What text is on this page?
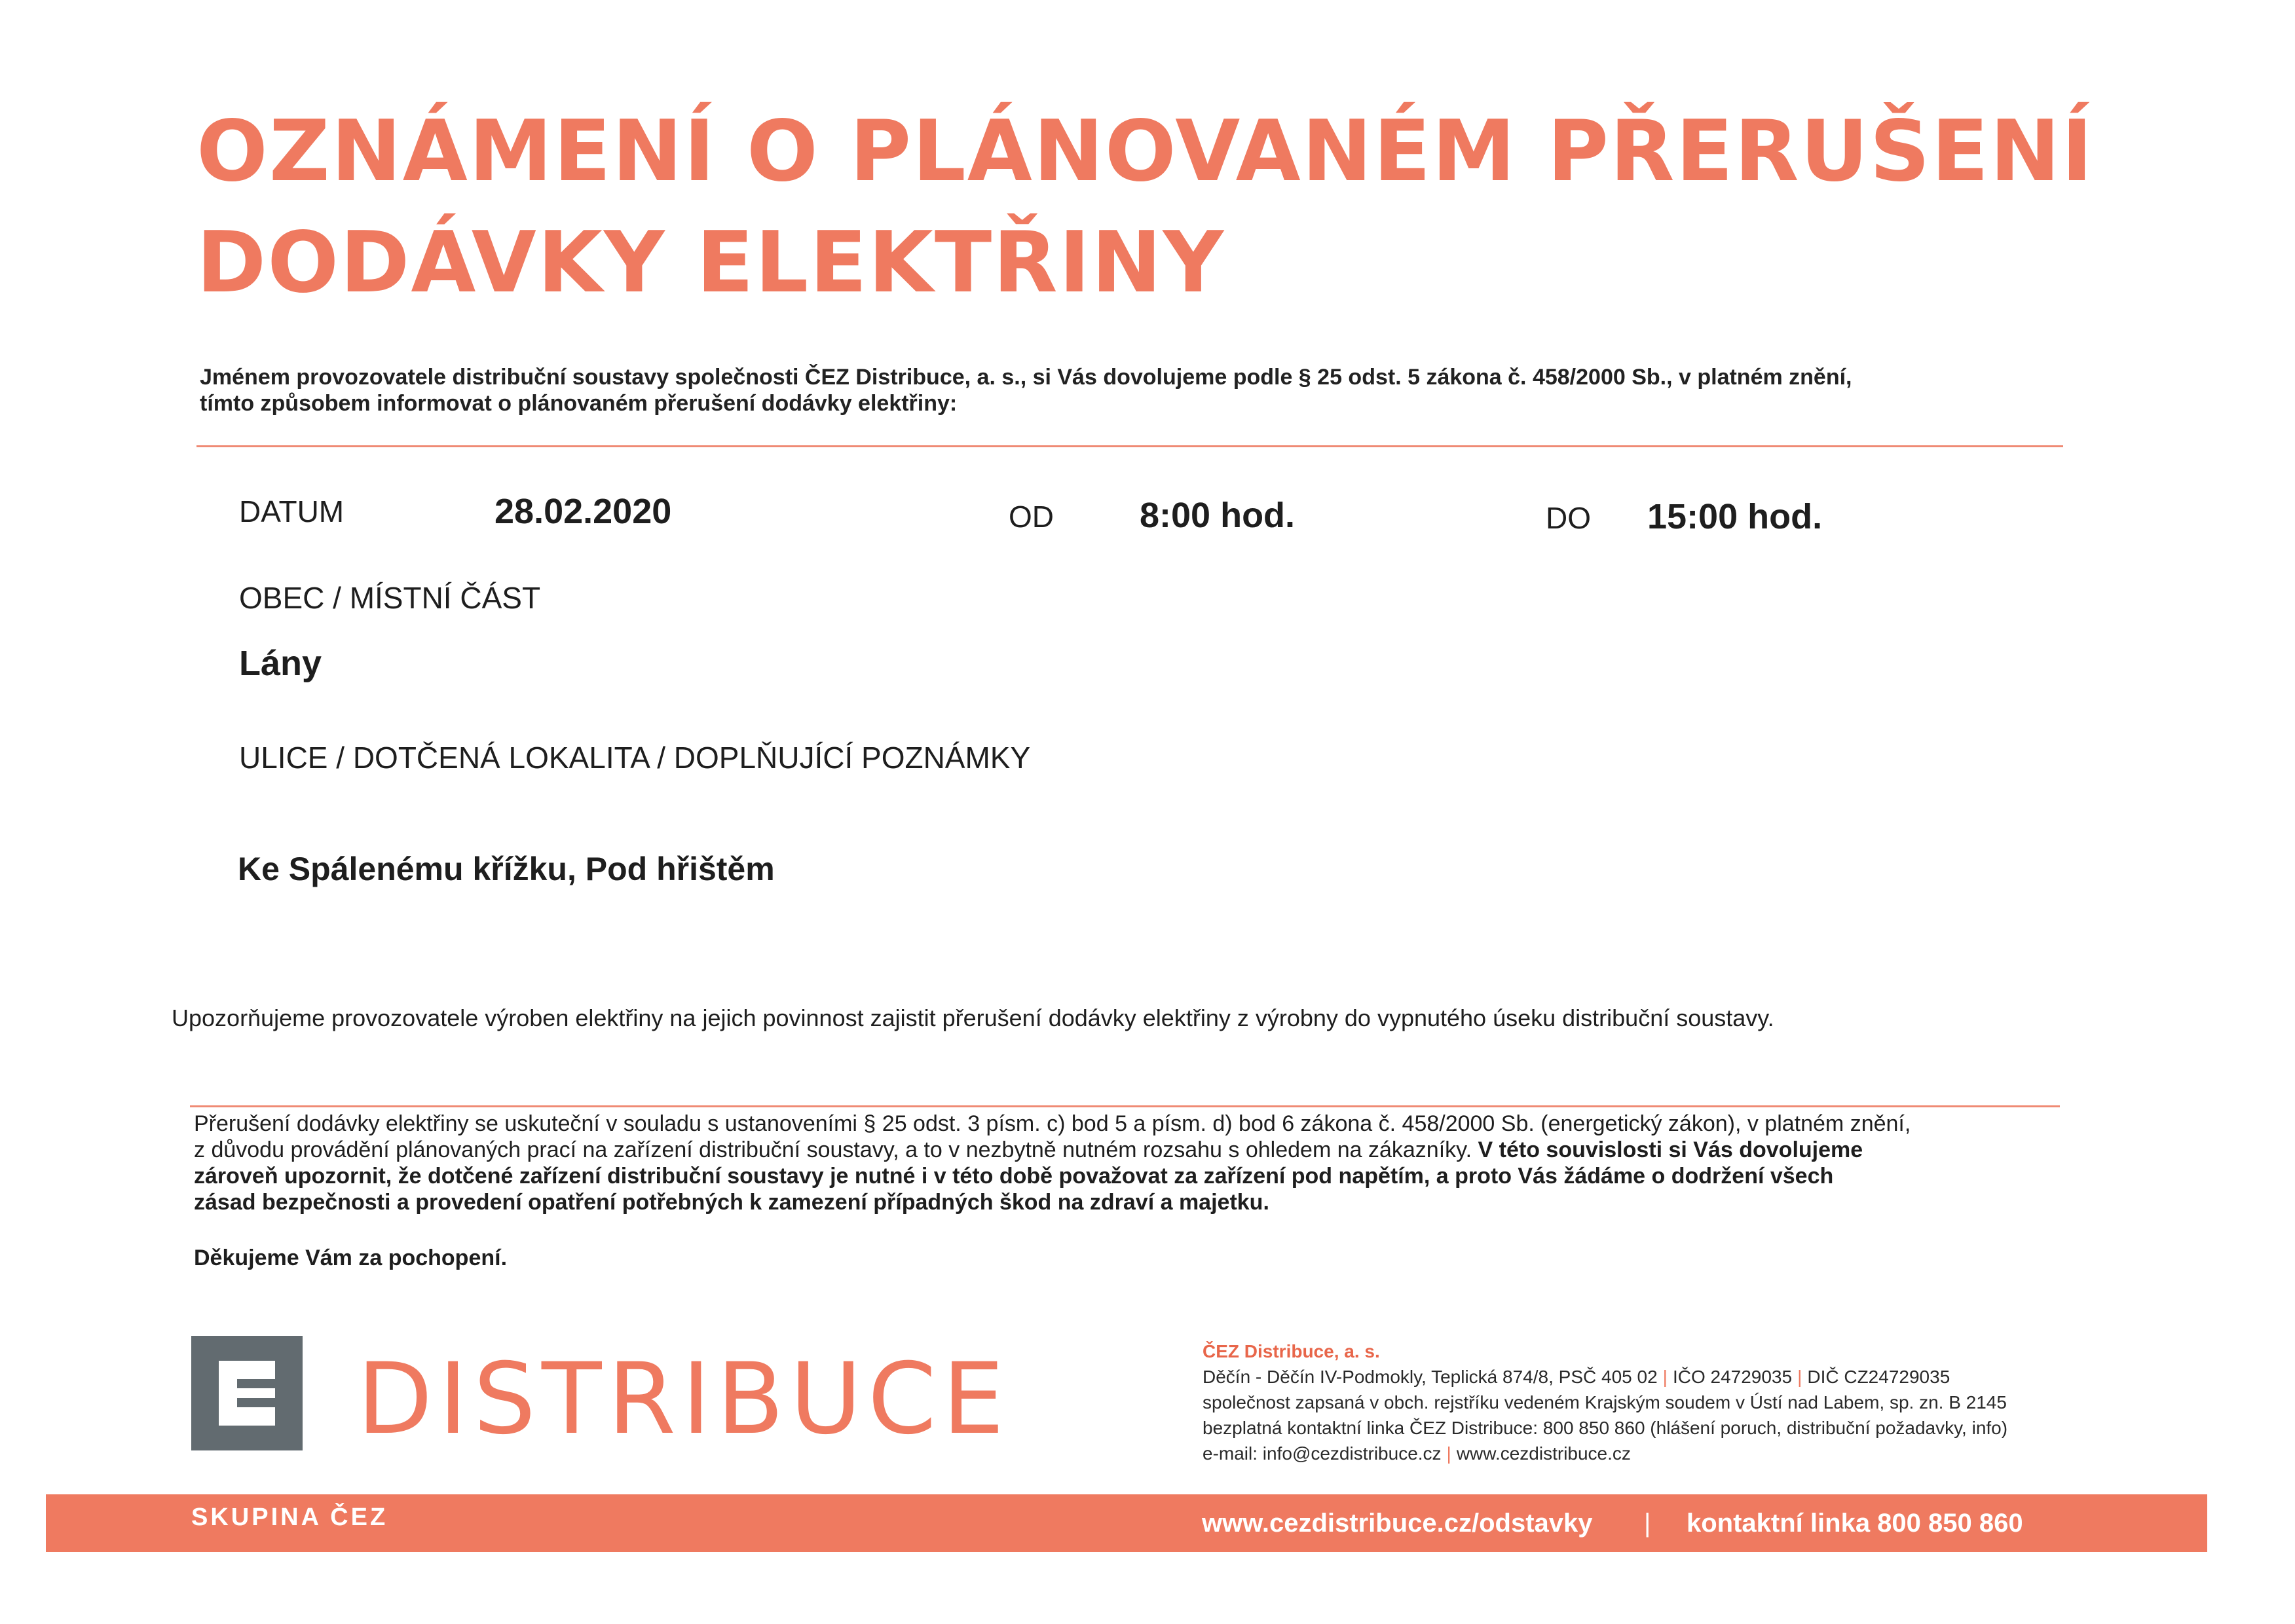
OZNÁMENÍ O PLÁNOVANÉM PŘERUŠENÍ
DODÁVKY ELEKTŘINY
Jménem provozovatele distribuční soustavy společnosti ČEZ Distribuce, a. s., si Vás dovolujeme podle § 25 odst. 5 zákona č. 458/2000 Sb., v platném znění,
tímto způsobem informovat o plánovaném přerušení dodávky elektřiny:
DATUM	28.02.2020	OD 8:00 hod.	DO 15:00 hod.
OBEC / MÍSTNÍ ČÁST
Lány
ULICE / DOTČENÁ LOKALITA / DOPLŇUJÍCÍ POZNÁMKY
Ke Spálenému křížku, Pod hřištěm
Upozorňujeme provozovatele výroben elektřiny na jejich povinnost zajistit přerušení dodávky elektřiny z výrobny do vypnutého úseku distribuční soustavy.

Přerušení dodávky elektřiny se uskuteční v souladu s ustanoveními § 25 odst. 3 písm. c) bod 5 a písm. d) bod 6 zákona č. 458/2000 Sb. (energetický zákon), v platném znění,

z důvodu provádění plánovaných prací na zařízení distribuční soustavy, a to v nezbytně nutném rozsahu s ohledem na zákazníky. V této souvislosti si Vás dovolujeme

zároveň upozornit, že dotčené zařízení distribuční soustavy je nutné i v této době považovat za zařízení pod napětím, a proto Vás žádáme o dodržení všech

zásad bezpečnosti a provedení opatření potřebných k zamezení případných škod na zdraví a majetku.

Děkujeme Vám za pochopení.
DISTRIBUCE	ČEZ Distribuce, a. s.
Děčín - Děčín IV-Podmokly, Teplická 874/8, PSČ 405 02 | IČO 24729035 | DIČ CZ24729035
společnost zapsaná v obch. rejstříku vedeném Krajským soudem v Ústí nad Labem, sp. zn. B 2145
bezplatná kontaktní linka ČEZ Distribuce: 800 850 860 (hlášení poruch, distribuční požadavky, info)
e-mail: info@cezdistribuce.cz | www.cezdistribuce.cz
SKUPINA ČEZ	www.cezdistribuce.cz/odstavky | kontaktní linka 800 850 860
